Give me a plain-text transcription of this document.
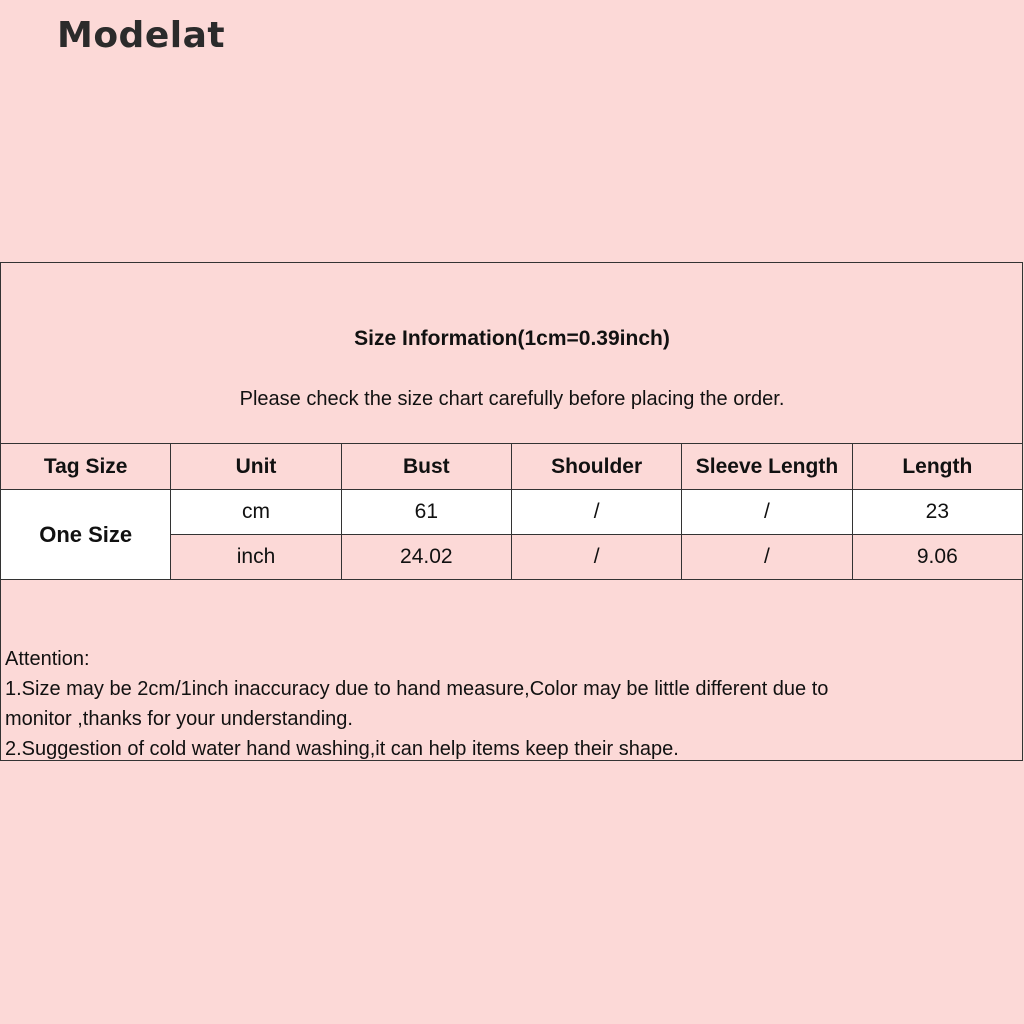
Modelat
Size Information(1cm=0.39inch)
Please check the size chart carefully before placing the order.
Tag Size	Unit	Bust	Shoulder	Sleeve Length	Length
One Size	cm	61	/	/	23
	inch	24.02	/	/	9.06
Attention:
1.Size may be 2cm/1inch inaccuracy due to hand measure,Color may be little different due to
monitor ,thanks for your understanding.
2.Suggestion of cold water hand washing,it can help items keep their shape.
